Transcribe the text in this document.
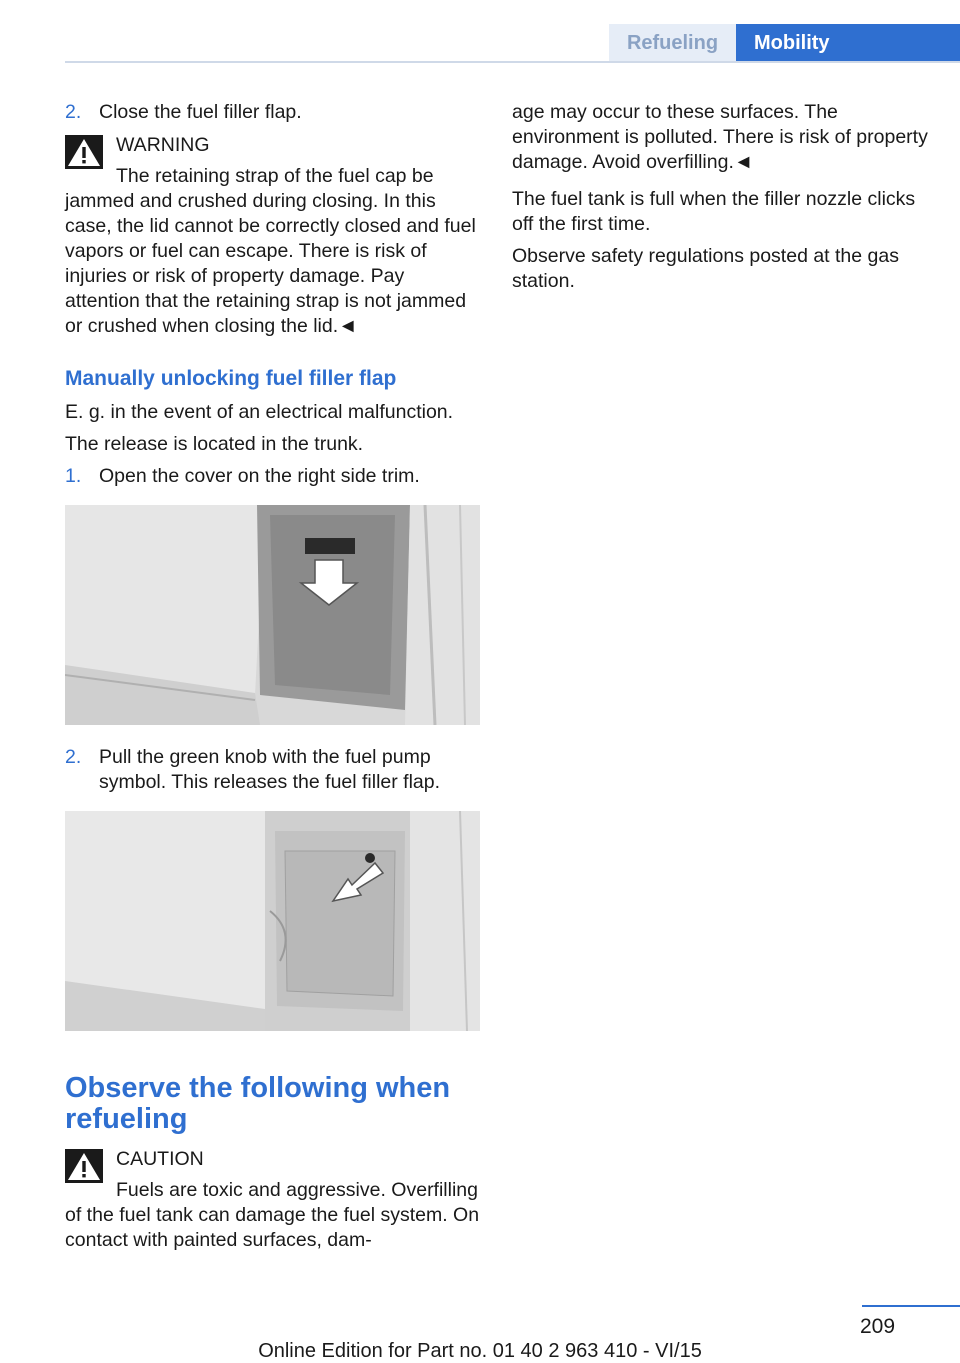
Refueling	Mobility
2. Close the fuel filler flap.
WARNING
The retaining strap of the fuel cap be jammed and crushed during closing. In this case, the lid cannot be correctly closed and fuel vapors or fuel can escape. There is risk of injuries or risk of property damage. Pay attention that the retaining strap is not jammed or crushed when closing the lid.◄
Manually unlocking fuel filler flap

E. g. in the event of an electrical malfunction.

The release is located in the trunk.

1. Open the cover on the right side trim.
2. Pull the green knob with the fuel pump symbol. This releases the fuel filler flap.
Observe the following when refueling
CAUTION
Fuels are toxic and aggressive. Overfilling of the fuel tank can damage the fuel system. On contact with painted surfaces, dam-

age may occur to these surfaces. The environment is polluted. There is risk of property damage. Avoid overfilling.◄

The fuel tank is full when the filler nozzle clicks off the first time.

Observe safety regulations posted at the gas station.

209
Online Edition for Part no. 01 40 2 963 410 - VI/15
